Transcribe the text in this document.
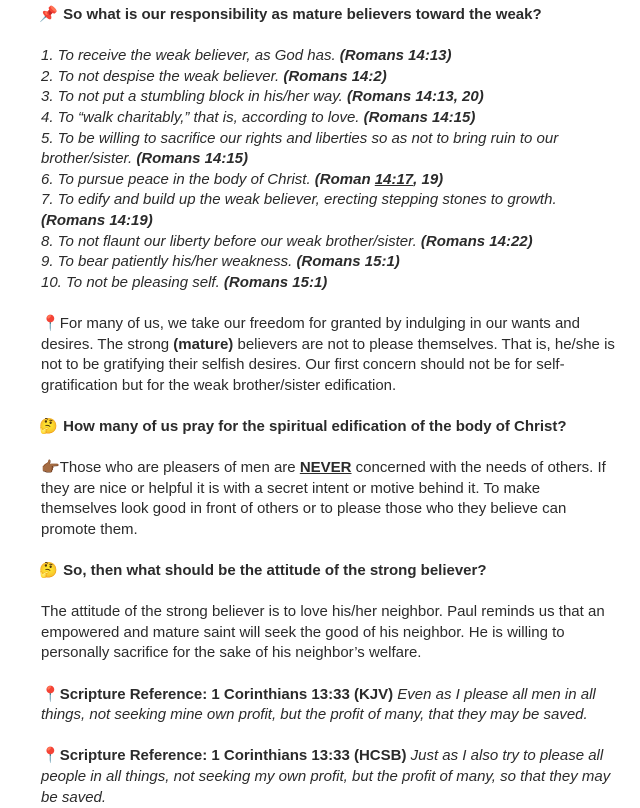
📌 So what is our responsibility as mature believers toward the weak?

1. To receive the weak believer, as God has. (Romans 14:13)

2. To not despise the weak believer. (Romans 14:2)

3. To not put a stumbling block in his/her way. (Romans 14:13, 20)

4. To “walk charitably,” that is, according to love. (Romans 14:15)

5. To be willing to sacrifice our rights and liberties so as not to bring ruin to our brother/sister. (Romans 14:15)

6. To pursue peace in the body of Christ. (Roman 14:17, 19)

7. To edify and build up the weak believer, erecting stepping stones to growth. (Romans 14:19)

8. To not flaunt our liberty before our weak brother/sister. (Romans 14:22)

9. To bear patiently his/her weakness. (Romans 15:1)

10. To not be pleasing self. (Romans 15:1)

📍For many of us, we take our freedom for granted by indulging in our wants and desires. The strong (mature) believers are not to please themselves. That is, he/she is not to be gratifying their selfish desires. Our first concern should not be for self-gratification but for the weak brother/sister edification.

🤔 How many of us pray for the spiritual edification of the body of Christ?

👉🏾Those who are pleasers of men are NEVER concerned with the needs of others. If they are nice or helpful it is with a secret intent or motive behind it. To make themselves look good in front of others or to please those who they believe can promote them.

🤔 So, then what should be the attitude of the strong believer?

The attitude of the strong believer is to love his/her neighbor. Paul reminds us that an empowered and mature saint will seek the good of his neighbor. He is willing to personally sacrifice for the sake of his neighbor’s welfare.

📍Scripture Reference: 1 Corinthians 13:33 (KJV) Even as I please all men in all things, not seeking mine own profit, but the profit of many, that they may be saved.

📍Scripture Reference: 1 Corinthians 13:33 (HCSB) Just as I also try to please all people in all things, not seeking my own profit, but the profit of many, so that they may be saved.
